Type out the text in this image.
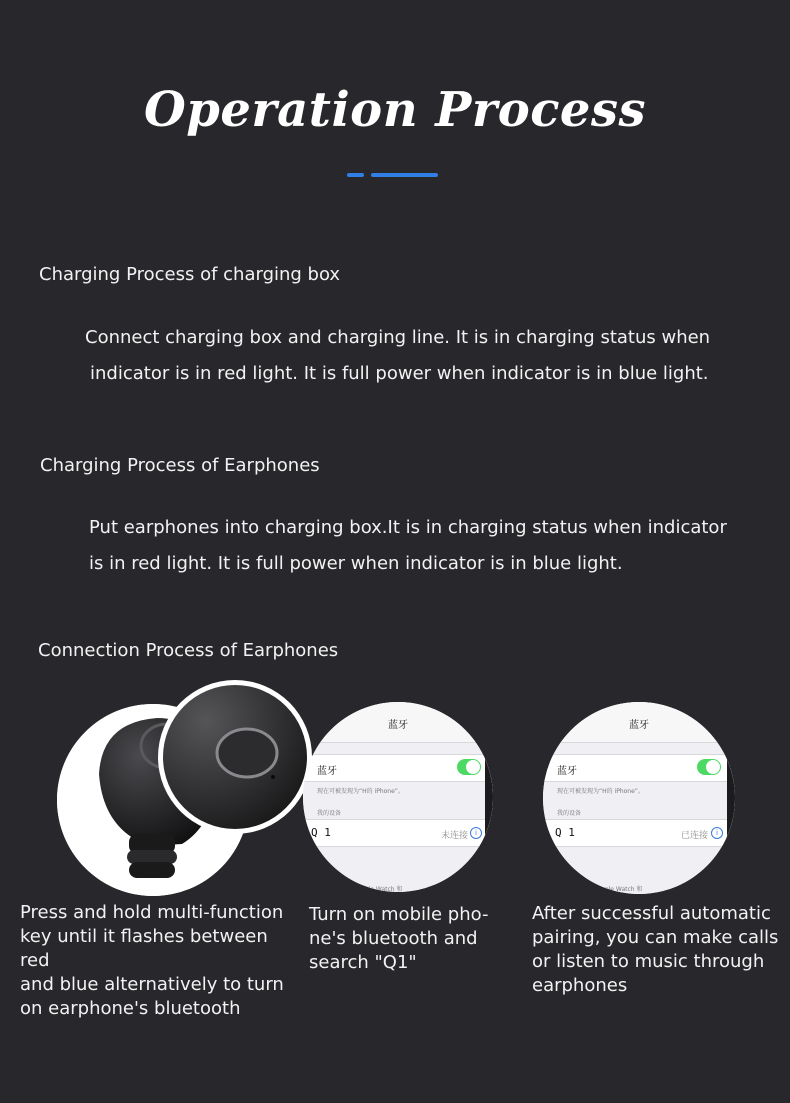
Operation Process
Charging Process of charging box
Connect charging box and charging line. It is in charging status when
indicator is in red light. It is full power when indicator is in blue light.
Charging Process of Earphones
Put earphones into charging box.It is in charging status when indicator
is in red light. It is full power when indicator is in blue light.
Connection Process of Earphones
‹	蓝牙
蓝牙
现在可被发现为“H的 iPhone”。
我的设备
Q 1	未连接	i
✲
配对 Apple Watch 和
‹	蓝牙
蓝牙
现在可被发现为“H的 iPhone”。
我的设备
Q 1	已连接	i
✲
配对 Apple Watch 和
Press and hold multi-function
key until it flashes between red
and blue alternatively to turn
on earphone's bluetooth
Turn on mobile pho-
ne's bluetooth and
search "Q1"
After successful automatic
pairing, you can make calls
or listen to music through
earphones
